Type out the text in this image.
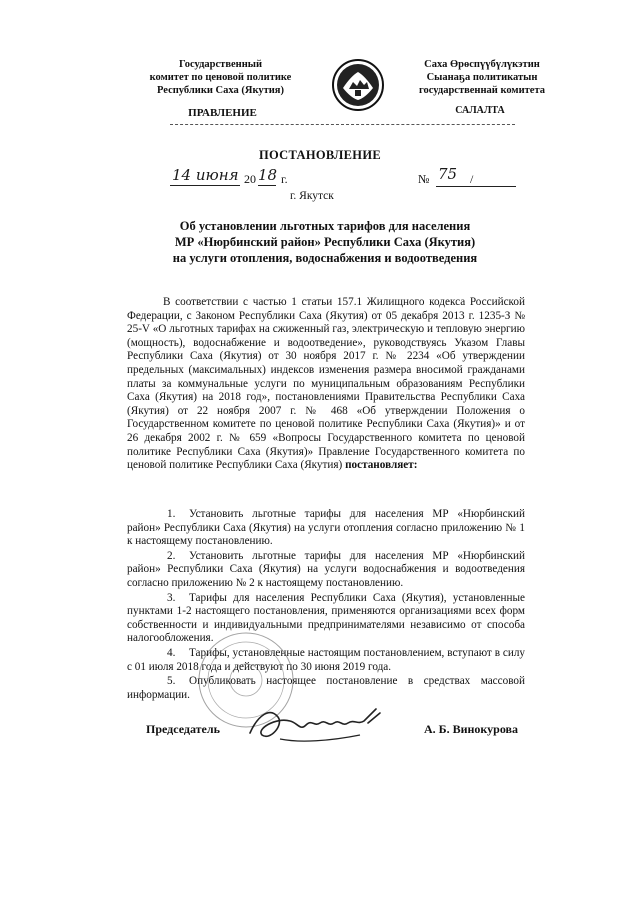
Государственный
комитет по ценовой политике
Республики Саха (Якутия)
ПРАВЛЕНИЕ
Саха Өрөспүүбүлүкэтин
Сыанаҕа политикатын
государственнай комитета
САЛАЛТА
ПОСТАНОВЛЕНИЕ
14 июня 20 18 г.	№ 75 /
г. Якутск
Об установлении льготных тарифов для населения
МР «Нюрбинский район» Республики Саха (Якутия)
на услуги отопления, водоснабжения и водоотведения

В соответствии с частью 1 статьи 157.1 Жилищного кодекса Российской Федерации, с Законом Республики Саха (Якутия) от 05 декабря 2013 г. 1235-З № 25-V «О льготных тарифах на сжиженный газ, электрическую и тепловую энергию (мощность), водоснабжение и водоотведение», руководствуясь Указом Главы Республики Саха (Якутия) от 30 ноября 2017 г. № 2234 «Об утверждении предельных (максимальных) индексов изменения размера вносимой гражданами платы за коммунальные услуги по муниципальным образованиям Республики Саха (Якутия) на 2018 год», постановлениями Правительства Республики Саха (Якутия) от 22 ноября 2007 г. № 468 «Об утверждении Положения о Государственном комитете по ценовой политике Республики Саха (Якутия)» и от 26 декабря 2002 г. № 659 «Вопросы Государственного комитета по ценовой политике Республики Саха (Якутия)» Правление Государственного комитета по ценовой политике Республики Саха (Якутия) постановляет:

1. Установить льготные тарифы для населения МР «Нюрбинский район» Республики Саха (Якутия) на услуги отопления согласно приложению № 1 к настоящему постановлению.

2. Установить льготные тарифы для населения МР «Нюрбинский район» Республики Саха (Якутия) на услуги водоснабжения и водоотведения согласно приложению № 2 к настоящему постановлению.

3. Тарифы для населения Республики Саха (Якутия), установленные пунктами 1-2 настоящего постановления, применяются организациями всех форм собственности и индивидуальными предпринимателями независимо от способа налогообложения.

4. Тарифы, установленные настоящим постановлением, вступают в силу с 01 июля 2018 года и действуют по 30 июня 2019 года.

5. Опубликовать настоящее постановление в средствах массовой информации.

Председатель	А. Б. Винокурова
